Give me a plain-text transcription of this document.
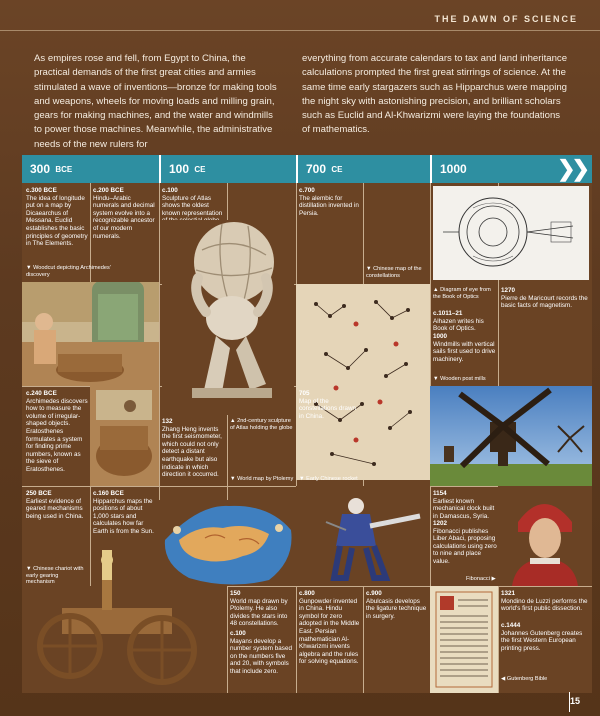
THE DAWN OF SCIENCE

As empires rose and fell, from Egypt to China, the practical demands of the first great cities and armies stimulated a wave of inventions—bronze for making tools and weapons, wheels for moving loads and milling grain, gears for making machines, and the water and windmills to power those machines. Meanwhile, the administrative needs of the new rulers for

everything from accurate calendars to tax and land inheritance calculations prompted the first great stirrings of science. At the same time early stargazers such as Hipparchus were mapping the night sky with astonishing precision, and brilliant scholars such as Euclid and Al-Khwarizmi were laying the foundations of mathematics.

300
BCE	100
CE	700
CE	1000	❯❯
c.300 BCE
The idea of longitude put on a map by Dicaearchus of Messana. Euclid establishes the basic principles of geometry in The Elements.
c.200 BCE
Hindu–Arabic numerals and decimal system evolve into a recognizable ancestor of our modern numerals.
c.100
Sculpture of Atlas shows the oldest known representation
c.700
The alembic for distillation invented in Persia.
▼ Chinese map of the constellations
▼ Woodcut depicting Archimedes' discovery
705
Map of the constellations drawn in China.
▲ Diagram of eye from the Book of Optics
c.1011–21
Alhazen writes his Book of Optics.
1000
Windmills with vertical sails first used to drive machinery.
1270
Pierre de Maricourt records the basic facts of magnetism.
▼ Wooden post mills
c.240 BCE
Archimedes discovers how to measure the volume of irregular-shaped objects. Eratosthenes formulates a system for finding prime numbers, known as the sieve of Eratosthenes.
132
Zhang Heng invents the first seismometer, which could not only detect a distant earthquake but also indicate in which direction it occurred.
▲ 2nd-century sculpture of Atlas holding the globe
▼ World map by Ptolemy ▼ Early Chinese rocket
250 BCE
Earliest evidence of geared mechanisms being used in China.
c.160 BCE
Hipparchus maps the positions of about 1,000 stars and calculates how far Earth is from the Sun.
▼ Chinese chariot with early gearing mechanism
1154
Earliest known mechanical clock built in Damascus, Syria.
1202
Fibonacci publishes Liber Abaci, proposing calculations using zero to nine and place value.
Fibonacci ▶
150
World map drawn by Ptolemy. He also divides the stars into 48 constellations.
c.100
Mayans develop a number system based on the numbers five and 20, with symbols that include zero.
c.800
Gunpowder invented in China. Hindu symbol for zero adopted in the Middle East. Persian mathematician Al-Khwarizmi invents algebra and the rules for solving equations.
c.900
Abulcasis develops the ligature technique in surgery.
1321
Mondino de Luzzi performs the world's first public dissection.
c.1444
Johannes Gutenberg creates the first Western European printing press.
◀ Gutenberg Bible
15
